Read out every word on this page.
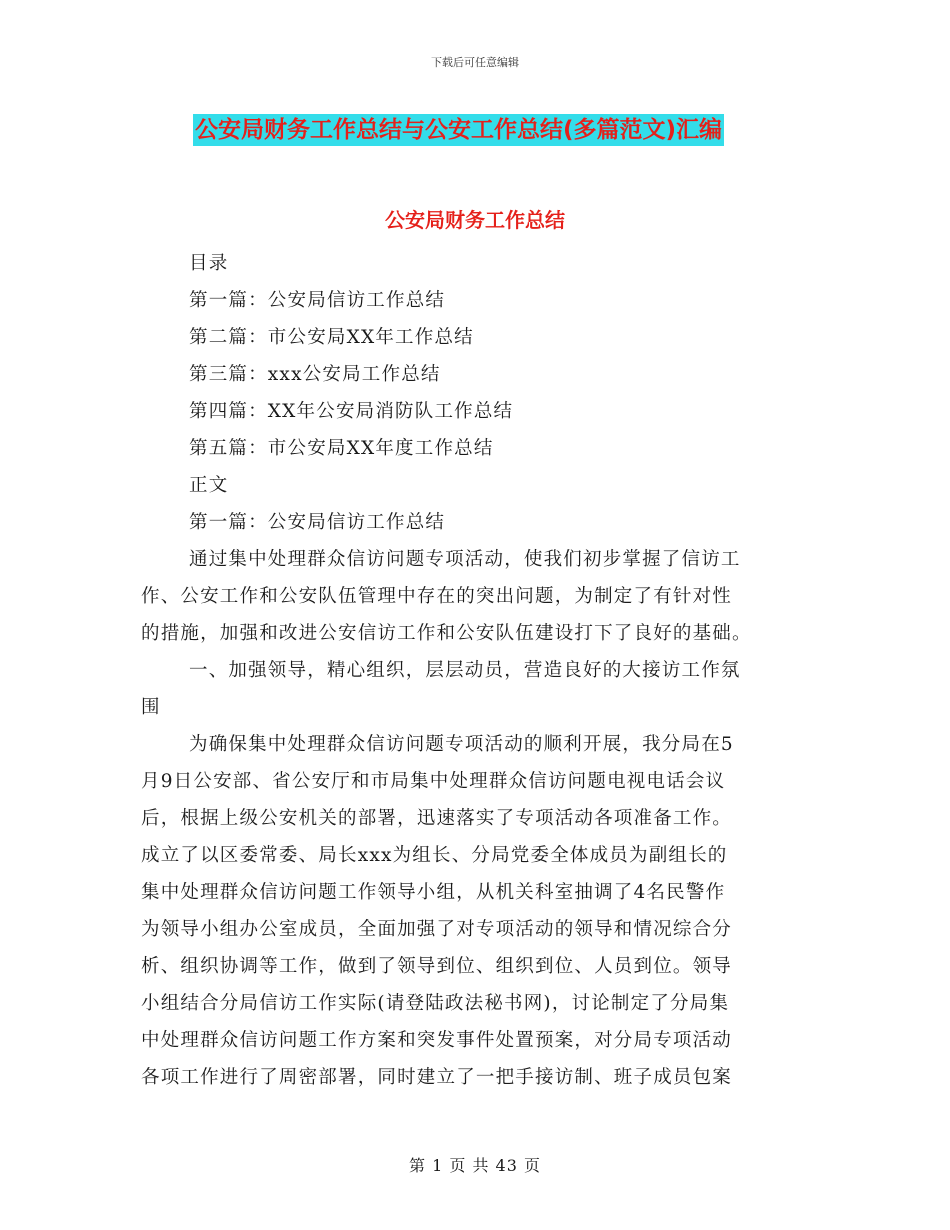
下载后可任意编辑
公安局财务工作总结与公安工作总结(多篇范文)汇编
公安局财务工作总结
目录
第一篇：公安局信访工作总结
第二篇：市公安局XX年工作总结
第三篇：xxx公安局工作总结
第四篇：XX年公安局消防队工作总结
第五篇：市公安局XX年度工作总结
正文
第一篇：公安局信访工作总结
通过集中处理群众信访问题专项活动，使我们初步掌握了信访工
作、公安工作和公安队伍管理中存在的突出问题，为制定了有针对性
的措施，加强和改进公安信访工作和公安队伍建设打下了良好的基础。
一、加强领导，精心组织，层层动员，营造良好的大接访工作氛
围
为确保集中处理群众信访问题专项活动的顺利开展，我分局在5
月9日公安部、省公安厅和市局集中处理群众信访问题电视电话会议
后，根据上级公安机关的部署，迅速落实了专项活动各项准备工作。
成立了以区委常委、局长xxx为组长、分局党委全体成员为副组长的
集中处理群众信访问题工作领导小组，从机关科室抽调了4名民警作
为领导小组办公室成员，全面加强了对专项活动的领导和情况综合分
析、组织协调等工作，做到了领导到位、组织到位、人员到位。领导
小组结合分局信访工作实际(请登陆政法秘书网)，讨论制定了分局集
中处理群众信访问题工作方案和突发事件处置预案，对分局专项活动
各项工作进行了周密部署，同时建立了一把手接访制、班子成员包案
第 1 页 共 43 页
